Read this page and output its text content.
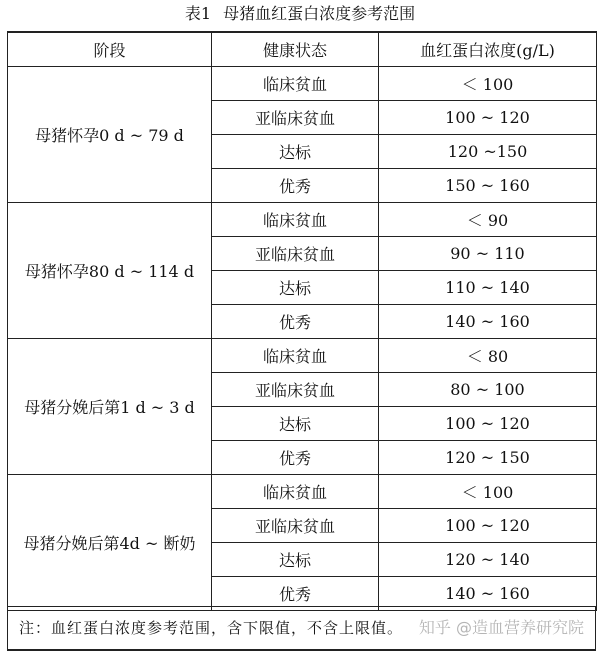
表1 母猪血红蛋白浓度参考范围
阶段	健康状态	血红蛋白浓度(g/L)
母猪怀孕0 d ~ 79 d	临床贫血	＜ 100
	亚临床贫血	100 ~ 120
	达标	120 ~150
	优秀	150 ~ 160
母猪怀孕80 d ~ 114 d	临床贫血	＜ 90
	亚临床贫血	90 ~ 110
	达标	110 ~ 140
	优秀	140 ~ 160
母猪分娩后第1 d ~ 3 d	临床贫血	＜ 80
	亚临床贫血	80 ~ 100
	达标	100 ~ 120
	优秀	120 ~ 150
母猪分娩后第4d ~ 断奶	临床贫血	＜ 100
	亚临床贫血	100 ~ 120
	达标	120 ~ 140
	优秀	140 ~ 160
注：血红蛋白浓度参考范围，含下限值，不含上限值。 知乎 @造血营养研究院
